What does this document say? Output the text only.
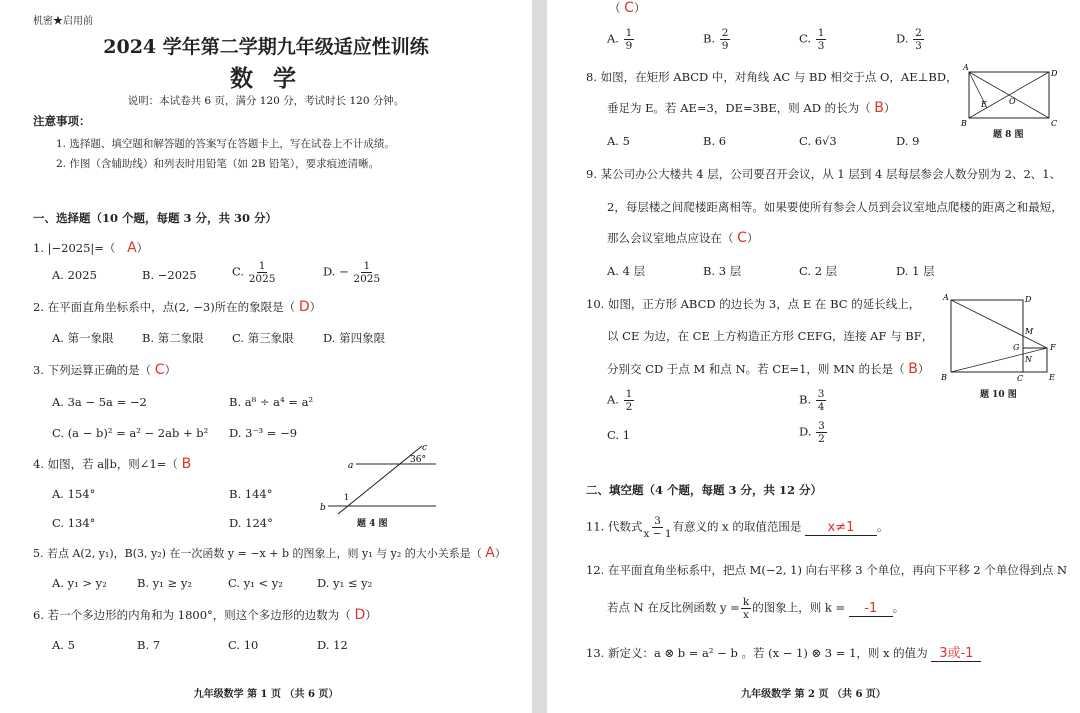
机密★启用前
2024 学年第二学期九年级适应性训练
数 学
说明：本试卷共 6 页，满分 120 分，考试时长 120 分钟。
注意事项：
1. 选择题、填空题和解答题的答案写在答题卡上，写在试卷上不计成绩。
2. 作图（含辅助线）和列表时用铅笔（如 2B 铅笔），要求痕迹清晰。
一、选择题（10 个题，每题 3 分，共 30 分）
1. |−2025|=（ A）
A. 2025	B. −2025	C. $\frac{1}{2025}$	D. − $\frac{1}{2025}$
2. 在平面直角坐标系中，点(2, −3)所在的象限是（ D）
A. 第一象限 B. 第二象限 C. 第三象限	D. 第四象限
3. 下列运算正确的是（ C）
A. 3a − 5a = −2	B. a⁸ ÷ a⁴ = a²
C. (a − b)² = a² − 2ab + b² D. 3⁻³ = −9
4. 如图，若 a∥b，则∠1=（ B
A. 154°	B. 144°
C. 134°	D. 124°
a
b
c
36°
1
题 4 图
5. 若点 A(2, y₁)，B(3, y₂) 在一次函数 y = −x + b 的图象上，则 y₁ 与 y₂ 的大小关系是（ A）
A. y₁ > y₂	B. y₁ ≥ y₂	C. y₁ < y₂	D. y₁ ≤ y₂
6. 若一个多边形的内角和为 1800°，则这个多边形的边数为（ D）
A. 5	B. 7	C. 10	D. 12
九年级数学 第 1 页 （共 6 页）
（ C）
A. $\frac{1}{9}$	B. $\frac{2}{9}$	C. $\frac{1}{3}$	D. $\frac{2}{3}$
8. 如图，在矩形 ABCD 中，对角线 AC 与 BD 相交于点 O，AE⊥BD，
垂足为 E。若 AE=3，DE=3BE，则 AD 的长为（ B）
A. 5	B. 6	C. 6√3	D. 9
A
D
B	C
O
E
题 8 图
9. 某公司办公大楼共 4 层，公司要召开会议，从 1 层到 4 层每层参会人数分别为 2、2、1、
2，每层楼之间爬楼距离相等。如果要使所有参会人员到会议室地点爬楼的距离之和最短，
那么会议室地点应设在（ C）
A. 4 层	B. 3 层	C. 2 层	D. 1 层
10. 如图，正方形 ABCD 的边长为 3，点 E 在 BC 的延长线上，
以 CE 为边，在 CE 上方构造正方形 CEFG，连接 AF 与 BF，
分别交 CD 于点 M 和点 N。若 CE=1，则 MN 的长是（ B）
A. $\frac{1}{2}$	B. $\frac{3}{4}$
C. 1	D. $\frac{3}{2}$
A	D
B	C	E
F
G
M
N
题 10 图
二、填空题（4 个题，每题 3 分，共 12 分）
11. 代数式 $\frac{3}{x - 1}$ 有意义的 x 的取值范围是 x≠1 。
12. 在平面直角坐标系中，把点 M(−2, 1) 向右平移 3 个单位，再向下平移 2 个单位得到点 N
若点 N 在反比例函数 $y = \frac{k}{x}$ 的图象上，则 k = -1 。
13. 新定义：a ⊗ b = a² − b 。若 (x − 1) ⊗ 3 = 1，则 x 的值为 3或-1
九年级数学 第 2 页 （共 6 页）
